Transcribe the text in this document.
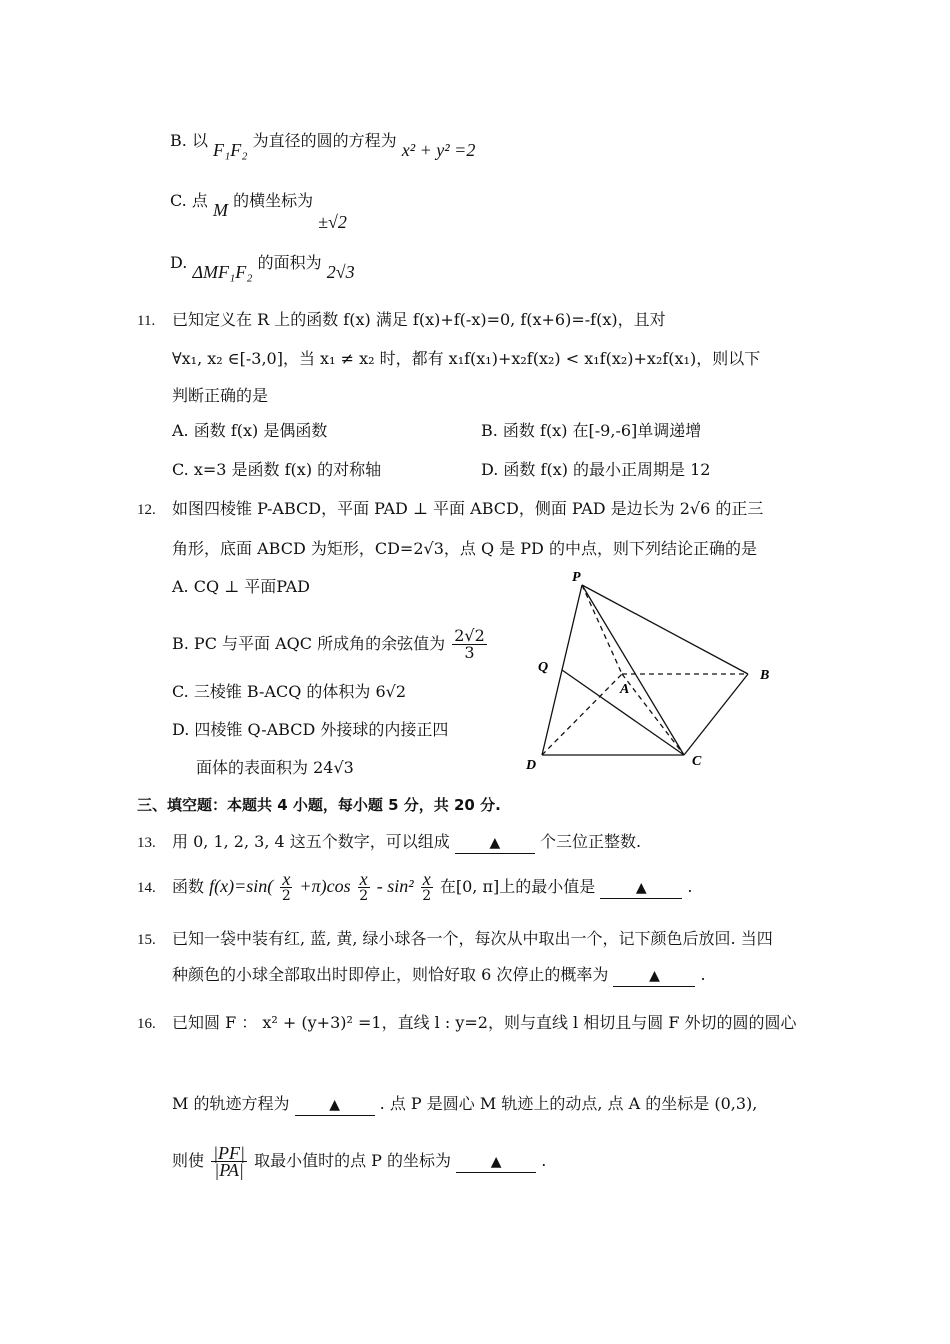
B. 以 F₁F₂ 为直径的圆的方程为 x² + y² =2
C. 点 M 的横坐标为 ±√2
D. ΔMF₁F₂ 的面积为 2√3
11. 已知定义在 R 上的函数 f(x) 满足 f(x)+f(-x)=0, f(x+6)=-f(x)，且对
∀x₁, x₂ ∈[-3,0]，当 x₁ ≠ x₂ 时，都有 x₁f(x₁)+x₂f(x₂) < x₁f(x₂)+x₂f(x₁)，则以下
判断正确的是
A. 函数 f(x) 是偶函数	B. 函数 f(x) 在[-9,-6]单调递增
C. x=3 是函数 f(x) 的对称轴	D. 函数 f(x) 的最小正周期是 12
12. 如图四棱锥 P-ABCD，平面 PAD ⊥ 平面 ABCD，侧面 PAD 是边长为 2√6 的正三
角形，底面 ABCD 为矩形，CD=2√3，点 Q 是 PD 的中点，则下列结论正确的是
A. CQ ⊥ 平面PAD
B. PC 与平面 AQC 所成角的余弦值为 $\frac{2√2}{3}$
C. 三棱锥 B-ACQ 的体积为 6√2
D. 四棱锥 Q-ABCD 外接球的内接正四
面体的表面积为 24√3
P
Q
A
B
C
D
三、填空题：本题共 4 小题，每小题 5 分，共 20 分.
13. 用 0, 1, 2, 3, 4 这五个数字，可以组成	▲ 个三位正整数.
14. 函数 $f(x)=\sin( \frac{x}{2} +\pi)\cos \frac{x}{2} - \sin^2 \frac{x}{2}$ 在[0, π]上的最小值是	▲	.
15. 已知一袋中装有红, 蓝, 黄, 绿小球各一个，每次从中取出一个，记下颜色后放回. 当四
种颜色的小球全部取出时即停止，则恰好取 6 次停止的概率为	▲	.
16. 已知圆 F ： x² + (y+3)² =1，直线 l : y=2，则与直线 l 相切且与圆 F 外切的圆的圆心
M 的轨迹方程为	▲ . 点 P 是圆心 M 轨迹上的动点, 点 A 的坐标是 (0,3),
则使 $\frac{|PF|}{|PA|}$ 取最小值时的点 P 的坐标为	▲ .
